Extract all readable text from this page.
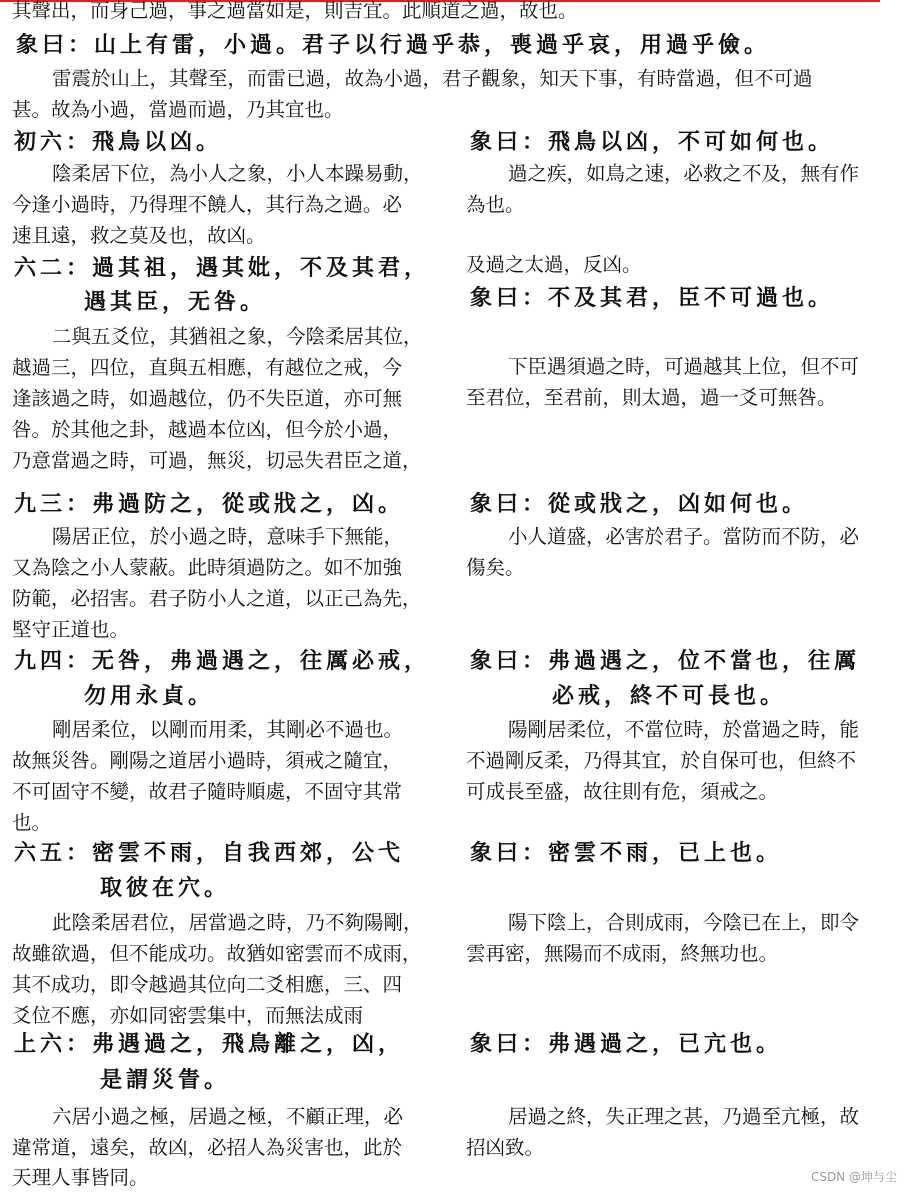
其聲出，而身己過，事之過當如是，則吉宜。此順道之過，故也。
象曰：山上有雷，小過。君子以行過乎恭，喪過乎哀，用過乎儉。
雷震於山上，其聲至，而雷已過，故為小過，君子觀象，知天下事，有時當過，但不可過
甚。故為小過，當過而過，乃其宜也。
初六：飛鳥以凶。
陰柔居下位，為小人之象，小人本躁易動，
今逢小過時，乃得理不饒人，其行為之過。必
速且遠，救之莫及也，故凶。
六二：過其祖，遇其妣，不及其君，
遇其臣，无咎。
二與五爻位，其猶祖之象，今陰柔居其位，
越過三，四位，直與五相應，有越位之戒，今
逢該過之時，如過越位，仍不失臣道，亦可無
咎。於其他之卦，越過本位凶，但今於小過，
乃意當過之時，可過，無災，切忌失君臣之道，
九三：弗過防之，從或戕之，凶。
陽居正位，於小過之時，意味手下無能，
又為陰之小人蒙蔽。此時須過防之。如不加強
防範，必招害。君子防小人之道，以正己為先，
堅守正道也。
九四：无咎，弗過遇之，往厲必戒，
勿用永貞。
剛居柔位，以剛而用柔，其剛必不過也。
故無災咎。剛陽之道居小過時，須戒之隨宜，
不可固守不變，故君子隨時順處，不固守其常
也。
六五：密雲不雨，自我西郊，公弋
取彼在穴。
此陰柔居君位，居當過之時，乃不夠陽剛，
故雖欲過，但不能成功。故猶如密雲而不成雨，
其不成功，即令越過其位向二爻相應，三、四
爻位不應，亦如同密雲集中，而無法成雨
上六：弗遇過之，飛鳥離之，凶，
是謂災眚。
六居小過之極，居過之極，不顧正理，必
違常道，遠矣，故凶，必招人為災害也，此於
天理人事皆同。
象曰：飛鳥以凶，不可如何也。
過之疾，如鳥之速，必救之不及，無有作
為也。
及過之太過，反凶。
象曰：不及其君，臣不可過也。
下臣遇須過之時，可過越其上位，但不可
至君位，至君前，則太過，過一爻可無咎。
象曰：從或戕之，凶如何也。
小人道盛，必害於君子。當防而不防，必
傷矣。
象曰：弗過遇之，位不當也，往厲
必戒，終不可長也。
陽剛居柔位，不當位時，於當過之時，能
不過剛反柔，乃得其宜，於自保可也，但終不
可成長至盛，故往則有危，須戒之。
象曰：密雲不雨，已上也。
陽下陰上，合則成雨，今陰已在上，即令
雲再密，無陽而不成雨，終無功也。
象曰：弗遇過之，已亢也。
居過之終，失正理之甚，乃過至亢極，故
招凶致。
CSDN @坤与尘
